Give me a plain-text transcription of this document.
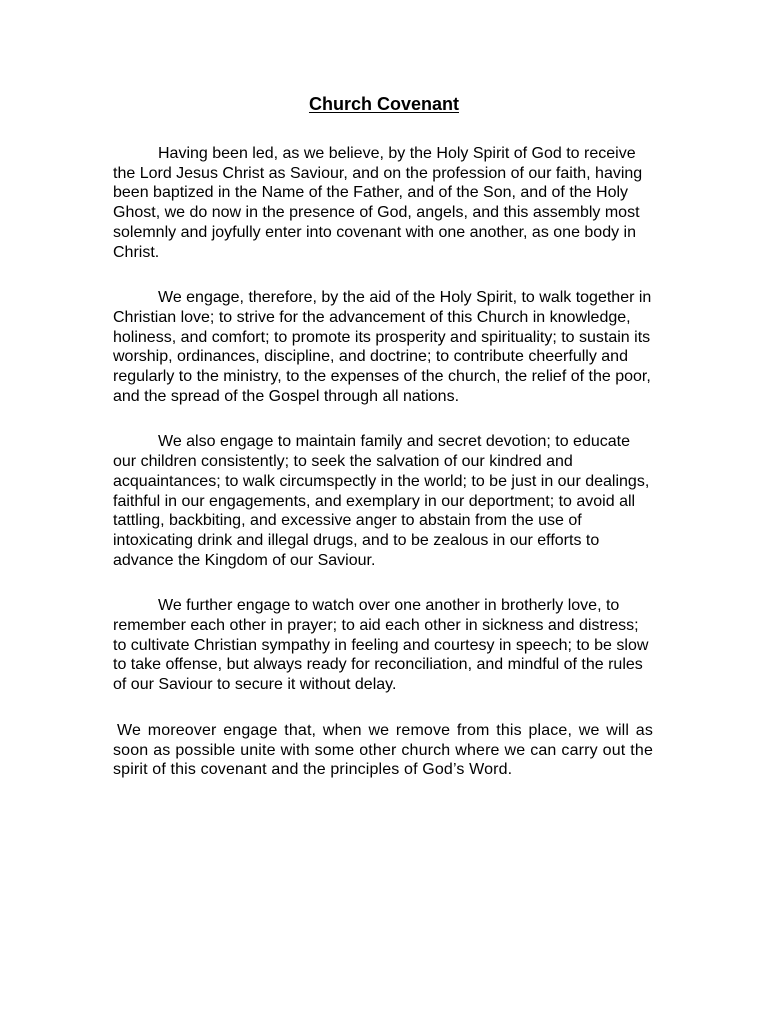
Church Covenant

Having been led, as we believe, by the Holy Spirit of God to receive the Lord Jesus Christ as Saviour, and on the profession of our faith, having been baptized in the Name of the Father, and of the Son, and of the Holy Ghost, we do now in the presence of God, angels, and this assembly most solemnly and joyfully enter into covenant with one another, as one body in Christ.

We engage, therefore, by the aid of the Holy Spirit, to walk together in Christian love; to strive for the advancement of this Church in knowledge, holiness, and comfort; to promote its prosperity and spirituality; to sustain its worship, ordinances, discipline, and doctrine; to contribute cheerfully and regularly to the ministry, to the expenses of the church, the relief of the poor, and the spread of the Gospel through all nations.

We also engage to maintain family and secret devotion; to educate our children consistently; to seek the salvation of our kindred and acquaintances; to walk circumspectly in the world; to be just in our dealings, faithful in our engagements, and exemplary in our deportment; to avoid all tattling, backbiting, and excessive anger to abstain from the use of intoxicating drink and illegal drugs, and to be zealous in our efforts to advance the Kingdom of our Saviour.

We further engage to watch over one another in brotherly love, to remember each other in prayer; to aid each other in sickness and distress; to cultivate Christian sympathy in feeling and courtesy in speech; to be slow to take offense, but always ready for reconciliation, and mindful of the rules of our Saviour to secure it without delay.

We moreover engage that, when we remove from this place, we will as soon as possible unite with some other church where we can carry out the spirit of this covenant and the principles of God’s Word.
